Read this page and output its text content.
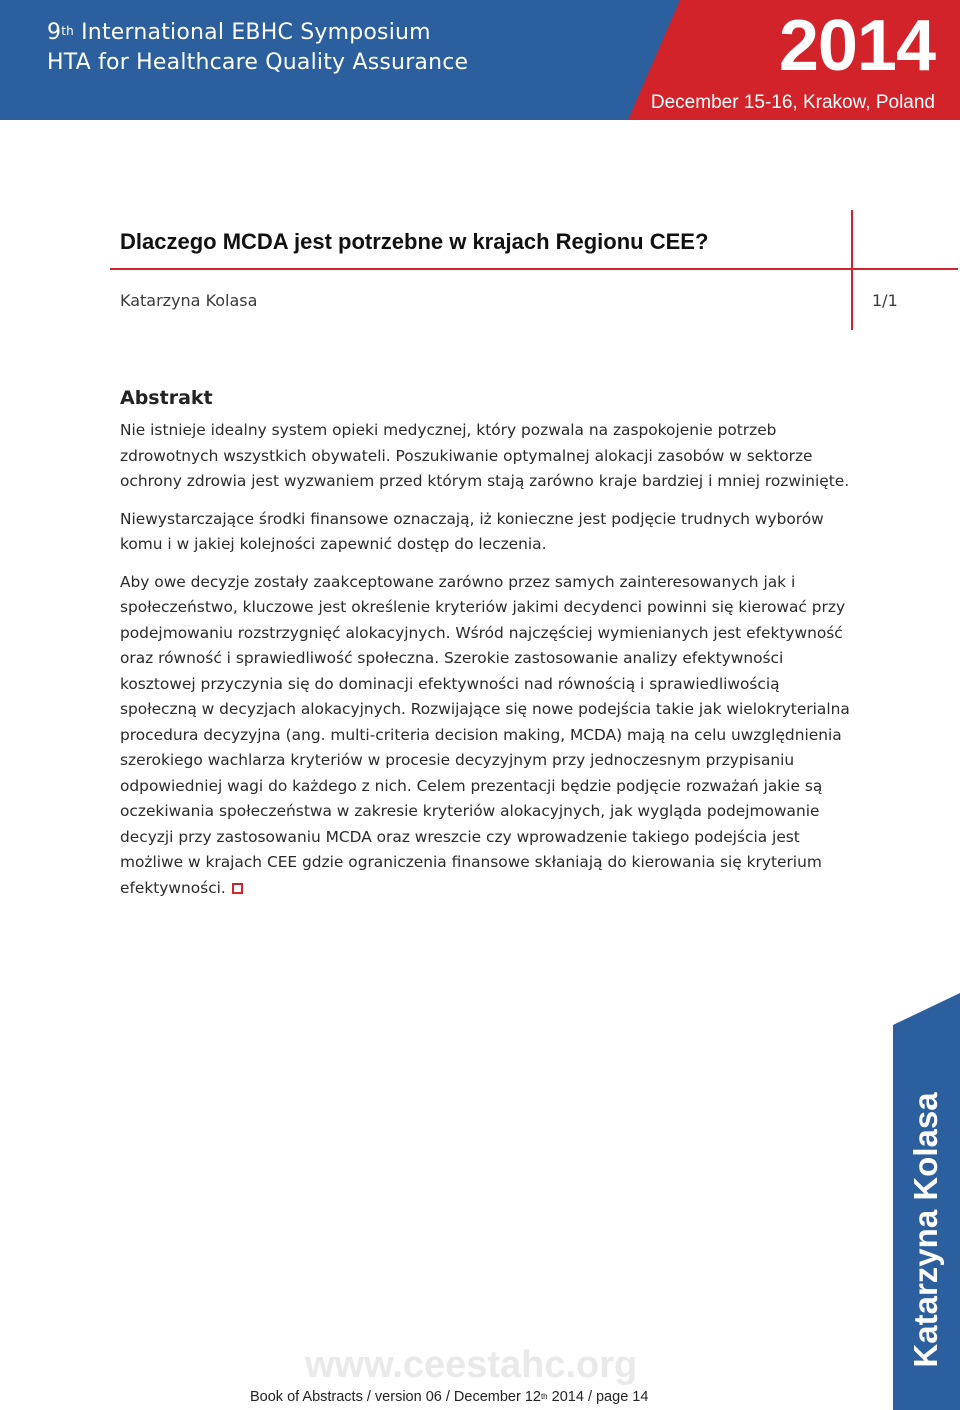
9th International EBHC Symposium
HTA for Healthcare Quality Assurance	2014
December 15-16, Krakow, Poland
Dlaczego MCDA jest potrzebne w krajach Regionu CEE?
Katarzyna Kolasa	1/1
Abstrakt

Nie istnieje idealny system opieki medycznej, który pozwala na zaspokojenie potrzeb zdrowotnych wszystkich obywateli. Poszukiwanie optymalnej alokacji zasobów w sektorze ochrony zdrowia jest wyzwaniem przed którym stają zarówno kraje bardziej i mniej rozwinięte.

Niewystarczające środki finansowe oznaczają, iż konieczne jest podjęcie trudnych wyborów komu i w jakiej kolejności zapewnić dostęp do leczenia.

Aby owe decyzje zostały zaakceptowane zarówno przez samych zainteresowanych jak i społeczeństwo, kluczowe jest określenie kryteriów jakimi decydenci powinni się kierować przy podejmowaniu rozstrzygnięć alokacyjnych. Wśród najczęściej wymienianych jest efektywność oraz równość i sprawiedliwość społeczna. Szerokie zastosowanie analizy efektywności kosztowej przyczynia się do dominacji efektywności nad równością i sprawiedliwością społeczną w decyzjach alokacyjnych. Rozwijające się nowe podejścia takie jak wielokryterialna procedura decyzyjna (ang. multi-criteria decision making, MCDA) mają na celu uwzględnienia szerokiego wachlarza kryteriów w procesie decyzyjnym przy jednoczesnym przypisaniu odpowiedniej wagi do każdego z nich. Celem prezentacji będzie podjęcie rozważań jakie są oczekiwania społeczeństwa w zakresie kryteriów alokacyjnych, jak wygląda podejmowanie decyzji przy zastosowaniu MCDA oraz wreszcie czy wprowadzenie takiego podejścia jest możliwe w krajach CEE gdzie ograniczenia finansowe skłaniają do kierowania się kryterium efektywności.

www.ceestahc.org
Book of Abstracts / version 06 / December 12th 2014 / page 14
Katarzyna Kolasa
